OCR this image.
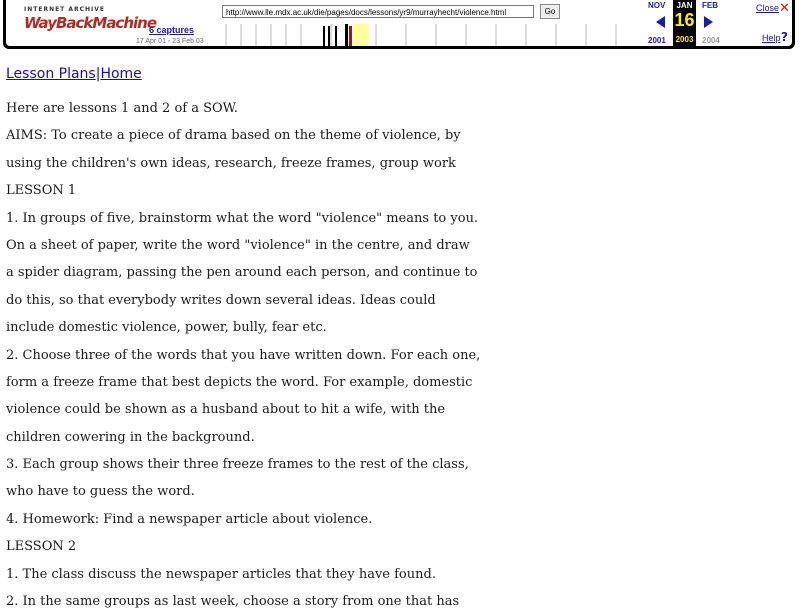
INTERNET ARCHIVE
WayBackMachine
6 captures
17 Apr 01 - 23 Feb 03
http://www.lle.mdx.ac.uk/die/pages/docs/lessons/yr9/murrayhecht/violence.html	Go
NOV
2001
JAN
16
2003
FEB
2004
Close ✕
Help ?
Lesson Plans|Home

Here are lessons 1 and 2 of a SOW.

AIMS: To create a piece of drama based on the theme of violence, by

using the children's own ideas, research, freeze frames, group work

LESSON 1

1. In groups of five, brainstorm what the word "violence" means to you.

On a sheet of paper, write the word "violence" in the centre, and draw

a spider diagram, passing the pen around each person, and continue to

do this, so that everybody writes down several ideas. Ideas could

include domestic violence, power, bully, fear etc.

2. Choose three of the words that you have written down. For each one,

form a freeze frame that best depicts the word. For example, domestic

violence could be shown as a husband about to hit a wife, with the

children cowering in the background.

3. Each group shows their three freeze frames to the rest of the class,

who have to guess the word.

4. Homework: Find a newspaper article about violence.

LESSON 2

1. The class discuss the newspaper articles that they have found.

2. In the same groups as last week, choose a story from one that has
